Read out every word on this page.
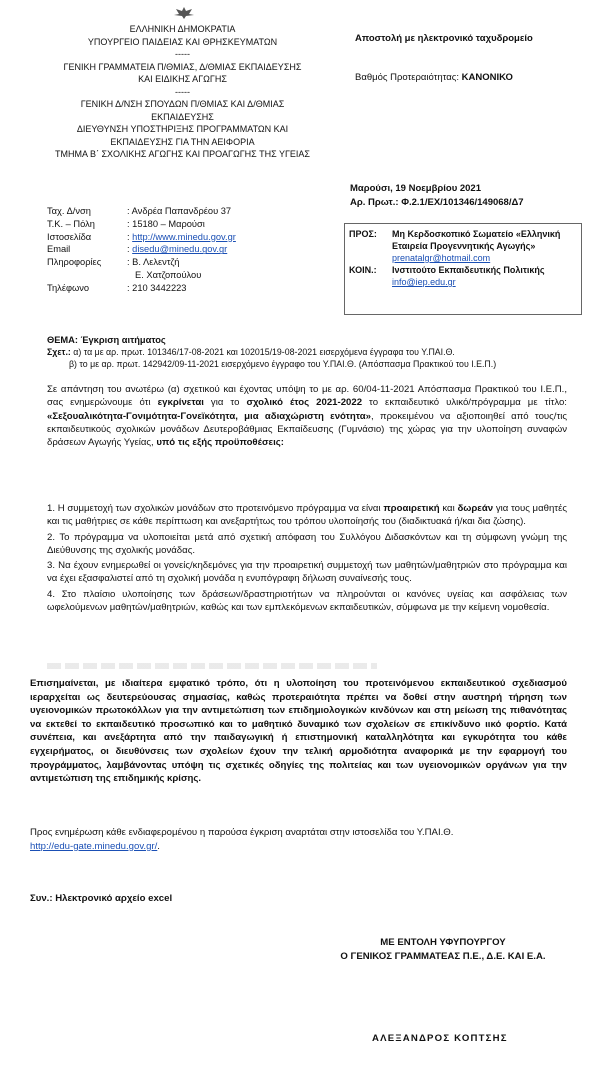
ΕΛΛΗΝΙΚΗ ΔΗΜΟΚΡΑΤΙΑ
ΥΠΟΥΡΓΕΙΟ ΠΑΙΔΕΙΑΣ ΚΑΙ ΘΡΗΣΚΕΥΜΑΤΩΝ
-----
ΓΕΝΙΚΗ ΓΡΑΜΜΑΤΕΙΑ Π/ΘΜΙΑΣ, Δ/ΘΜΙΑΣ ΕΚΠΑΙΔΕΥΣΗΣ
ΚΑΙ ΕΙΔΙΚΗΣ ΑΓΩΓΗΣ
-----
ΓΕΝΙΚΗ Δ/ΝΣΗ ΣΠΟΥΔΩΝ Π/ΘΜΙΑΣ ΚΑΙ Δ/ΘΜΙΑΣ
ΕΚΠΑΙΔΕΥΣΗΣ
ΔΙΕΥΘΥΝΣΗ ΥΠΟΣΤΗΡΙΞΗΣ ΠΡΟΓΡΑΜΜΑΤΩΝ ΚΑΙ
ΕΚΠΑΙΔΕΥΣΗΣ ΓΙΑ ΤΗΝ ΑΕΙΦΟΡΙΑ
ΤΜΗΜΑ Β΄ ΣΧΟΛΙΚΗΣ ΑΓΩΓΗΣ ΚΑΙ ΠΡΟΑΓΩΓΗΣ ΤΗΣ ΥΓΕΙΑΣ
Αποστολή με ηλεκτρονικό ταχυδρομείο
Βαθμός Προτεραιότητας: ΚΑΝΟΝΙΚΟ
Μαρούσι, 19 Νοεμβρίου 2021
Αρ. Πρωτ.: Φ.2.1/ΕΧ/101346/149068/Δ7
Ταχ. Δ/νση	: Ανδρέα Παπανδρέου 37
Τ.Κ. – Πόλη	: 15180 – Μαρούσι
Ιστοσελίδα	: http://www.minedu.gov.gr
Email	: disedu@minedu.gov.gr
Πληροφορίες	: Β. Λελεντζή
Ε. Χατζοπούλου
Τηλέφωνο	: 210 3442223
ΠΡΟΣ:	Μη Κερδοσκοπικό Σωματείο «Ελληνική Εταιρεία Προγεννητικής Αγωγής»
prenatalgr@hotmail.com
ΚΟΙΝ.:	Ινστιτούτο Εκπαιδευτικής Πολιτικής
info@iep.edu.gr
ΘΕΜΑ: Έγκριση αιτήματος
Σχετ.: α) τα με αρ. πρωτ. 101346/17-08-2021 και 102015/19-08-2021 εισερχόμενα έγγραφα του Υ.ΠΑΙ.Θ.
β) το με αρ. πρωτ. 142942/09-11-2021 εισερχόμενο έγγραφο του Υ.ΠΑΙ.Θ. (Απόσπασμα Πρακτικού του Ι.Ε.Π.)
Σε απάντηση του ανωτέρω (α) σχετικού και έχοντας υπόψη το με αρ. 60/04-11-2021 Απόσπασμα Πρακτικού του Ι.Ε.Π., σας ενημερώνουμε ότι εγκρίνεται για το σχολικό έτος 2021-2022 το εκπαιδευτικό υλικό/πρόγραμμα με τίτλο: «Σεξουαλικότητα-Γονιμότητα-Γονεϊκότητα, μια αδιαχώριστη ενότητα», προκειμένου να αξιοποιηθεί από τους/τις εκπαιδευτικούς σχολικών μονάδων Δευτεροβάθμιας Εκπαίδευσης (Γυμνάσιο) της χώρας για την υλοποίηση συναφών δράσεων Αγωγής Υγείας, υπό τις εξής προϋποθέσεις:
1. Η συμμετοχή των σχολικών μονάδων στο προτεινόμενο πρόγραμμα να είναι προαιρετική και δωρεάν για τους μαθητές και τις μαθήτριες σε κάθε περίπτωση και ανεξαρτήτως του τρόπου υλοποίησής του (διαδικτυακά ή/και δια ζώσης).
2. Το πρόγραμμα να υλοποιείται μετά από σχετική απόφαση του Συλλόγου Διδασκόντων και τη σύμφωνη γνώμη της Διεύθυνσης της σχολικής μονάδας.
3. Να έχουν ενημερωθεί οι γονείς/κηδεμόνες για την προαιρετική συμμετοχή των μαθητών/μαθητριών στο πρόγραμμα και να έχει εξασφαλιστεί από τη σχολική μονάδα η ενυπόγραφη δήλωση συναίνεσής τους.
4. Στο πλαίσιο υλοποίησης των δράσεων/δραστηριοτήτων να πληρούνται οι κανόνες υγείας και ασφάλειας των ωφελούμενων μαθητών/μαθητριών, καθώς και των εμπλεκόμενων εκπαιδευτικών, σύμφωνα με την κείμενη νομοθεσία.
Επισημαίνεται, με ιδιαίτερα εμφατικό τρόπο, ότι η υλοποίηση του προτεινόμενου εκπαιδευτικού σχεδιασμού ιεραρχείται ως δευτερεύουσας σημασίας, καθώς προτεραιότητα πρέπει να δοθεί στην αυστηρή τήρηση των υγειονομικών πρωτοκόλλων για την αντιμετώπιση των επιδημιολογικών κινδύνων και στη μείωση της πιθανότητας να εκτεθεί το εκπαιδευτικό προσωπικό και το μαθητικό δυναμικό των σχολείων σε επικίνδυνο ιικό φορτίο. Κατά συνέπεια, και ανεξάρτητα από την παιδαγωγική ή επιστημονική καταλληλότητα και εγκυρότητα του κάθε εγχειρήματος, οι διευθύνσεις των σχολείων έχουν την τελική αρμοδιότητα αναφορικά με την εφαρμογή του προγράμματος, λαμβάνοντας υπόψη τις σχετικές οδηγίες της πολιτείας και των υγειονομικών οργάνων για την αντιμετώπιση της επιδημικής κρίσης.
Προς ενημέρωση κάθε ενδιαφερομένου η παρούσα έγκριση αναρτάται στην ιστοσελίδα του Υ.ΠΑΙ.Θ.
http://edu-gate.minedu.gov.gr/.
Συν.: Ηλεκτρονικό αρχείο excel
ΜΕ ΕΝΤΟΛΗ ΥΦΥΠΟΥΡΓΟΥ
Ο ΓΕΝΙΚΟΣ ΓΡΑΜΜΑΤΕΑΣ Π.Ε., Δ.Ε. ΚΑΙ Ε.Α.
ΑΛΕΞΑΝΔΡΟΣ ΚΟΠΤΣΗΣ
